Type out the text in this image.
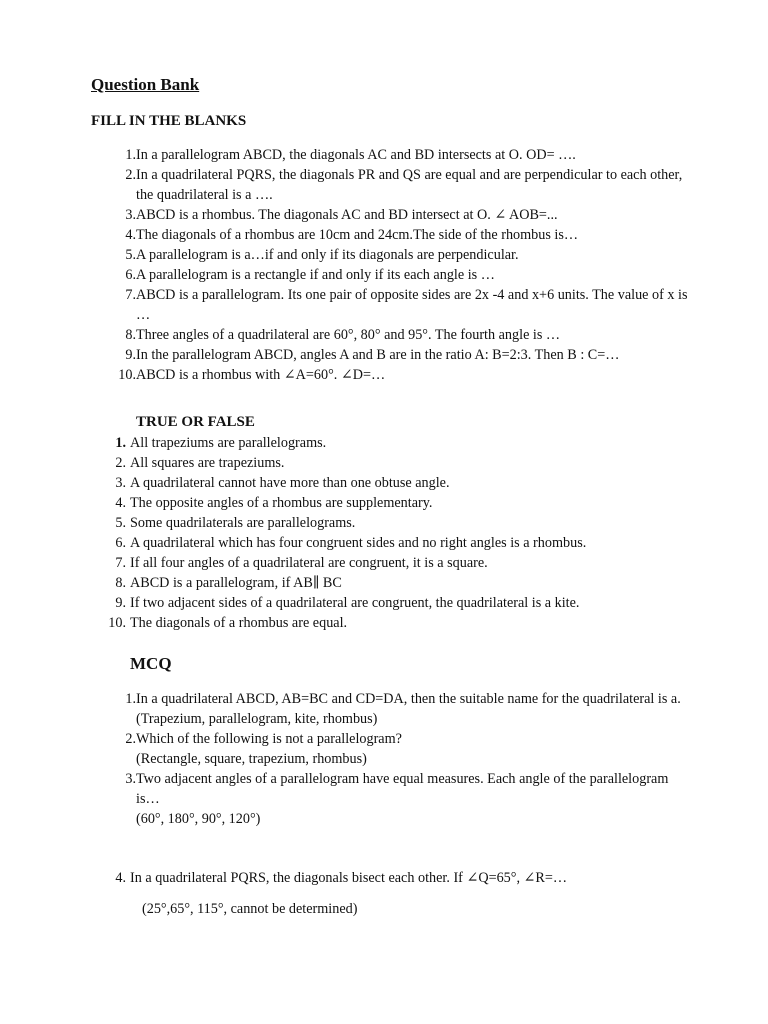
Question Bank
FILL IN THE BLANKS
1. In a parallelogram ABCD, the diagonals AC and BD intersects at O. OD= ….
2. In a quadrilateral PQRS, the diagonals PR and QS are equal and are perpendicular to each other, the quadrilateral is a ….
3. ABCD is a rhombus. The diagonals AC and BD intersect at O. ∠ AOB=...
4. The diagonals of a rhombus are 10cm and 24cm.The side of the rhombus is…
5. A parallelogram is a…if and only if its diagonals are perpendicular.
6. A parallelogram is a rectangle if and only if its each angle is …
7. ABCD is a parallelogram. Its one pair of opposite sides are 2x -4 and x+6 units. The value of x is …
8. Three angles of a quadrilateral are 60°, 80° and 95°. The fourth angle is …
9. In the parallelogram ABCD, angles A and B are in the ratio A: B=2:3. Then B : C=…
10. ABCD is a rhombus with ∠A=60°. ∠D=…
TRUE OR FALSE
1. All trapeziums are parallelograms.
2. All squares are trapeziums.
3. A quadrilateral cannot have more than one obtuse angle.
4. The opposite angles of a rhombus are supplementary.
5. Some quadrilaterals are parallelograms.
6. A quadrilateral which has four congruent sides and no right angles is a rhombus.
7. If all four angles of a quadrilateral are congruent, it is a square.
8. ABCD is a parallelogram, if AB∥ BC
9. If two adjacent sides of a quadrilateral are congruent, the quadrilateral is a kite.
10. The diagonals of a rhombus are equal.
MCQ
1. In a quadrilateral ABCD, AB=BC and CD=DA, then the suitable name for the quadrilateral is a.
(Trapezium, parallelogram, kite, rhombus)
2. Which of the following is not a parallelogram?
(Rectangle, square, trapezium, rhombus)
3. Two adjacent angles of a parallelogram have equal measures. Each angle of the parallelogram is…
(60°, 180°, 90°, 120°)
4. In a quadrilateral PQRS, the diagonals bisect each other. If ∠Q=65°, ∠R=…
(25°,65°, 115°, cannot be determined)
